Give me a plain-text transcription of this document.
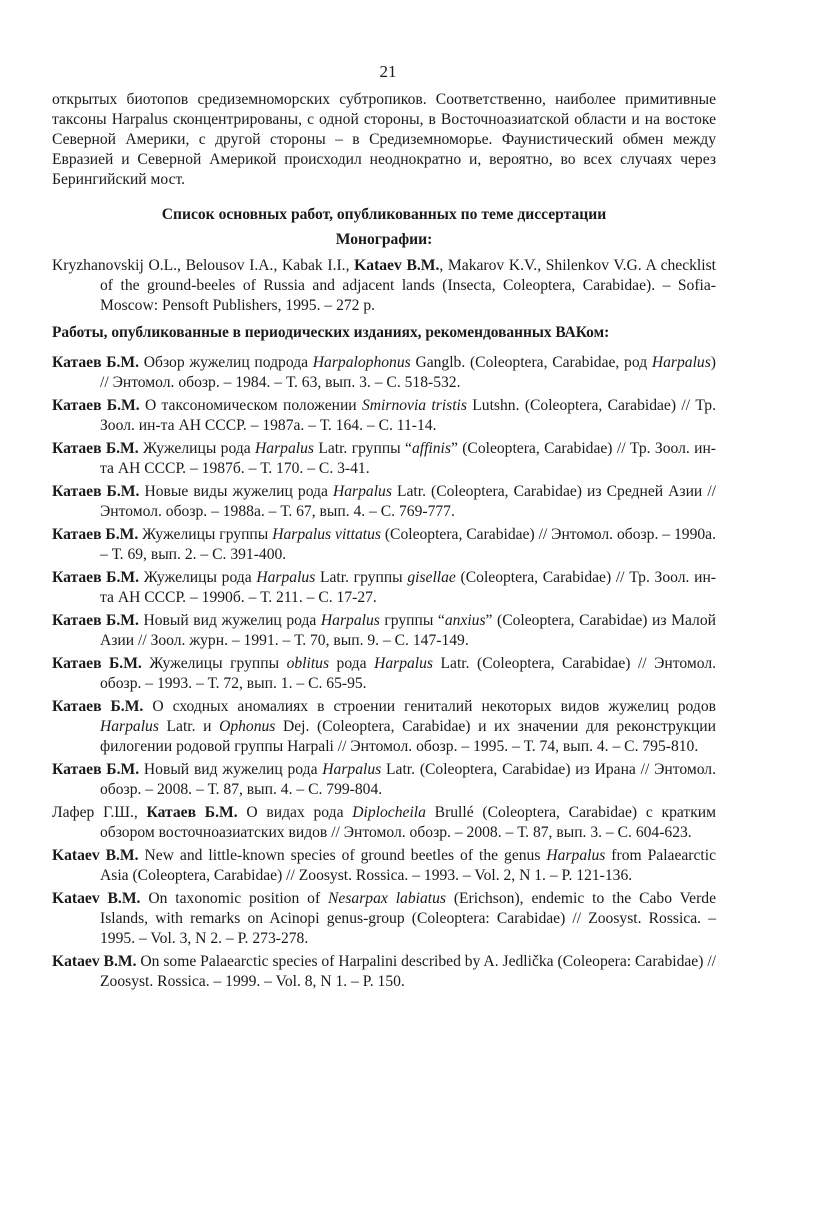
21

открытых биотопов средиземноморских субтропиков. Соответственно, наиболее примитивные таксоны Harpalus сконцентрированы, с одной стороны, в Восточноазиатской области и на востоке Северной Америки, с другой стороны – в Средиземноморье. Фаунистический обмен между Евразией и Северной Америкой происходил неоднократно и, вероятно, во всех случаях через Берингийский мост.

Список основных работ, опубликованных по теме диссертации

Монографии:

Kryzhanovskij O.L., Belousov I.A., Kabak I.I., Kataev B.M., Makarov K.V., Shilenkov V.G. A checklist of the ground-beeles of Russia and adjacent lands (Insecta, Coleoptera, Carabidae). – Sofia-Moscow: Pensoft Publishers, 1995. – 272 p.

Работы, опубликованные в периодических изданиях, рекомендованных ВАКом:

Катаев Б.М. Обзор жужелиц подрода Harpalophonus Ganglb. (Coleoptera, Carabidae, род Harpalus) // Энтомол. обозр. – 1984. – Т. 63, вып. 3. – С. 518-532.

Катаев Б.М. О таксономическом положении Smirnovia tristis Lutshn. (Coleoptera, Carabidae) // Тр. Зоол. ин-та АН СССР. – 1987а. – Т. 164. – С. 11-14.

Катаев Б.М. Жужелицы рода Harpalus Latr. группы “affinis” (Coleoptera, Carabidae) // Тр. Зоол. ин-та АН СССР. – 1987б. – Т. 170. – С. 3-41.

Катаев Б.М. Новые виды жужелиц рода Harpalus Latr. (Coleoptera, Carabidae) из Средней Азии // Энтомол. обозр. – 1988а. – Т. 67, вып. 4. – С. 769-777.

Катаев Б.М. Жужелицы группы Harpalus vittatus (Coleoptera, Carabidae) // Энтомол. обозр. – 1990а. – Т. 69, вып. 2. – С. 391-400.

Катаев Б.М. Жужелицы рода Harpalus Latr. группы gisellae (Coleoptera, Carabidae) // Тр. Зоол. ин-та АН СССР. – 1990б. – Т. 211. – С. 17-27.

Катаев Б.М. Новый вид жужелиц рода Harpalus группы “anxius” (Coleoptera, Carabidae) из Малой Азии // Зоол. журн. – 1991. – Т. 70, вып. 9. – С. 147-149.

Катаев Б.М. Жужелицы группы oblitus рода Harpalus Latr. (Coleoptera, Carabidae) // Энтомол. обозр. – 1993. – Т. 72, вып. 1. – С. 65-95.

Катаев Б.М. О сходных аномалиях в строении гениталий некоторых видов жужелиц родов Harpalus Latr. и Ophonus Dej. (Coleoptera, Carabidae) и их значении для реконструкции филогении родовой группы Harpali // Энтомол. обозр. – 1995. – Т. 74, вып. 4. – С. 795-810.

Катаев Б.М. Новый вид жужелиц рода Harpalus Latr. (Coleoptera, Carabidae) из Ирана // Энтомол. обозр. – 2008. – Т. 87, вып. 4. – С. 799-804.

Лафер Г.Ш., Катаев Б.М. О видах рода Diplocheila Brullé (Coleoptera, Carabidae) с кратким обзором восточноазиатских видов // Энтомол. обозр. – 2008. – Т. 87, вып. 3. – С. 604-623.

Kataev B.M. New and little-known species of ground beetles of the genus Harpalus from Palaearctic Asia (Coleoptera, Carabidae) // Zoosyst. Rossica. – 1993. – Vol. 2, N 1. – P. 121-136.

Kataev B.M. On taxonomic position of Nesarpax labiatus (Erichson), endemic to the Cabo Verde Islands, with remarks on Acinopi genus-group (Coleoptera: Carabidae) // Zoosyst. Rossica. – 1995. – Vol. 3, N 2. – P. 273-278.

Kataev B.M. On some Palaearctic species of Harpalini described by A. Jedlička (Coleopera: Carabidae) // Zoosyst. Rossica. – 1999. – Vol. 8, N 1. – P. 150.
